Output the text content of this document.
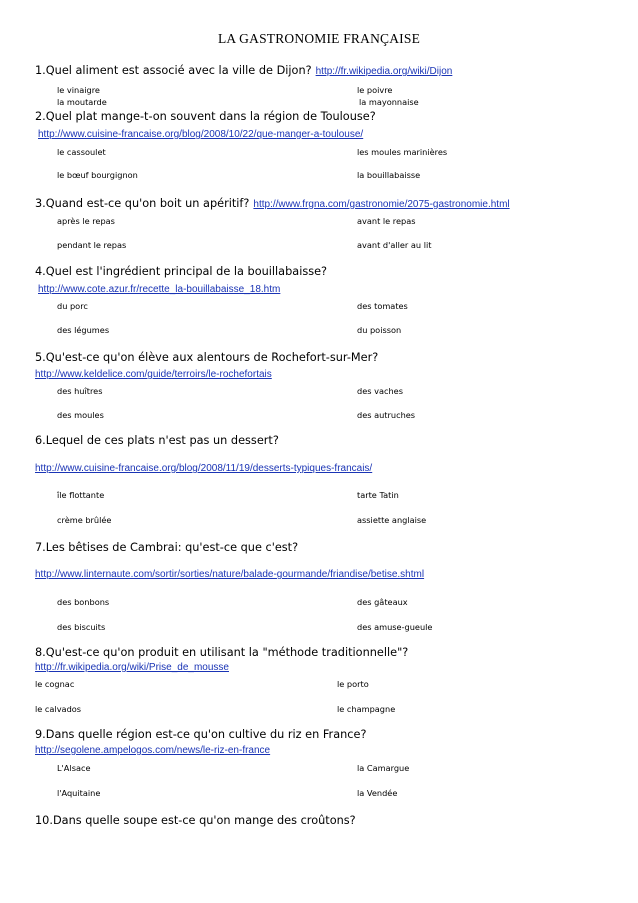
LA GASTRONOMIE FRANÇAISE
1.Quel aliment est associé avec la ville de Dijon? http://fr.wikipedia.org/wiki/Dijon
le vinaigre	le poivre
la moutarde	la mayonnaise
2.Quel plat mange-t-on souvent dans la région de Toulouse?
http://www.cuisine-francaise.org/blog/2008/10/22/que-manger-a-toulouse/
le cassoulet	les moules marinières
le bœuf bourgignon	la bouillabaisse
3.Quand est-ce qu'on boit un apéritif? http://www.frgna.com/gastronomie/2075-gastronomie.html
après le repas	avant le repas
pendant le repas	avant d'aller au lit
4.Quel est l'ingrédient principal de la bouillabaisse?
http://www.cote.azur.fr/recette_la-bouillabaisse_18.htm
du porc	des tomates
des légumes	du poisson
5.Qu'est-ce qu'on élève aux alentours de Rochefort-sur-Mer?
http://www.keldelice.com/guide/terroirs/le-rochefortais
des huîtres	des vaches
des moules	des autruches
6.Lequel de ces plats n'est pas un dessert?
http://www.cuisine-francaise.org/blog/2008/11/19/desserts-typiques-francais/
île flottante	tarte Tatin
crème brûlée	assiette anglaise
7.Les bêtises de Cambrai: qu'est-ce que c'est?
http://www.linternaute.com/sortir/sorties/nature/balade-gourmande/friandise/betise.shtml
des bonbons	des gâteaux
des biscuits	des amuse-gueule
8.Qu'est-ce qu'on produit en utilisant la "méthode traditionnelle"?
http://fr.wikipedia.org/wiki/Prise_de_mousse
le cognac	le porto
le calvados	le champagne
9.Dans quelle région est-ce qu'on cultive du riz en France?
http://segolene.ampelogos.com/news/le-riz-en-france
L'Alsace	la Camargue
l'Aquitaine	la Vendée
10.Dans quelle soupe est-ce qu'on mange des croûtons?
